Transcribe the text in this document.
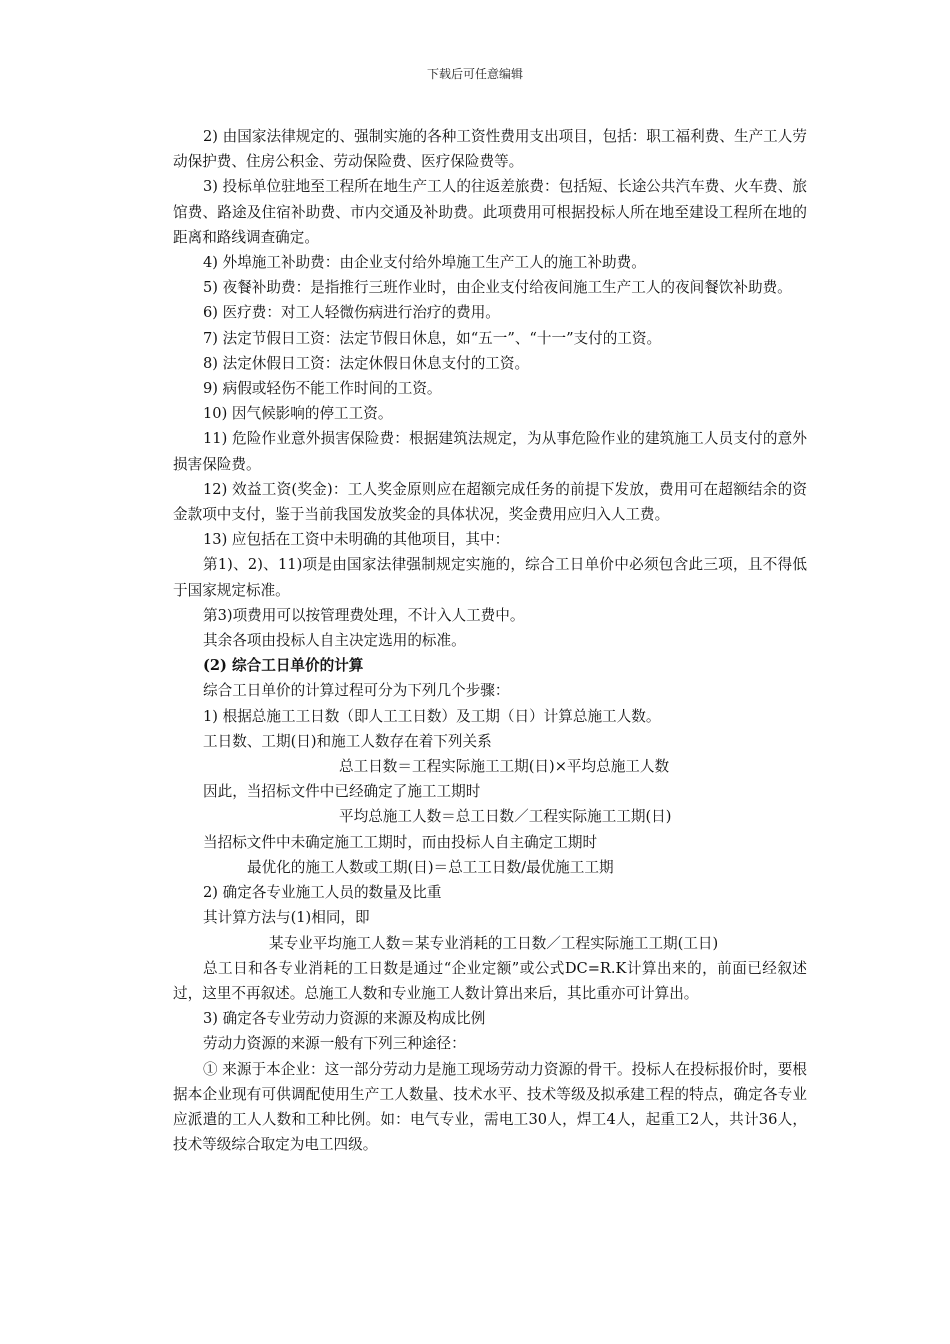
下载后可任意编辑

2) 由国家法律规定的、强制实施的各种工资性费用支出项目，包括：职工福利费、生产工人劳动保护费、住房公积金、劳动保险费、医疗保险费等。

3) 投标单位驻地至工程所在地生产工人的往返差旅费：包括短、长途公共汽车费、火车费、旅馆费、路途及住宿补助费、市内交通及补助费。此项费用可根据投标人所在地至建设工程所在地的距离和路线调查确定。

4) 外埠施工补助费：由企业支付给外埠施工生产工人的施工补助费。

5) 夜餐补助费：是指推行三班作业时，由企业支付给夜间施工生产工人的夜间餐饮补助费。

6) 医疗费：对工人轻微伤病进行治疗的费用。

7) 法定节假日工资：法定节假日休息，如“五一”、“十一”支付的工资。

8) 法定休假日工资：法定休假日休息支付的工资。

9) 病假或轻伤不能工作时间的工资。

10) 因气候影响的停工工资。

11) 危险作业意外损害保险费：根据建筑法规定，为从事危险作业的建筑施工人员支付的意外损害保险费。

12) 效益工资(奖金)：工人奖金原则应在超额完成任务的前提下发放，费用可在超额结余的资金款项中支付，鉴于当前我国发放奖金的具体状况，奖金费用应归入人工费。

13) 应包括在工资中未明确的其他项目，其中：

第1)、2)、11)项是由国家法律强制规定实施的，综合工日单价中必须包含此三项，且不得低于国家规定标准。

第3)项费用可以按管理费处理，不计入人工费中。

其余各项由投标人自主决定选用的标准。

(2) 综合工日单价的计算

综合工日单价的计算过程可分为下列几个步骤：

1) 根据总施工工日数（即人工工日数）及工期（日）计算总施工人数。

工日数、工期(日)和施工人数存在着下列关系

总工日数＝工程实际施工工期(日)×平均总施工人数

因此，当招标文件中已经确定了施工工期时

平均总施工人数＝总工日数／工程实际施工工期(日)

当招标文件中未确定施工工期时，而由投标人自主确定工期时

最优化的施工人数或工期(日)＝总工工日数/最优施工工期

2) 确定各专业施工人员的数量及比重

其计算方法与(1)相同，即

某专业平均施工人数＝某专业消耗的工日数／工程实际施工工期(工日)

总工日和各专业消耗的工日数是通过“企业定额”或公式DC=R.K计算出来的，前面已经叙述过，这里不再叙述。总施工人数和专业施工人数计算出来后，其比重亦可计算出。

3) 确定各专业劳动力资源的来源及构成比例

劳动力资源的来源一般有下列三种途径：

① 来源于本企业：这一部分劳动力是施工现场劳动力资源的骨干。投标人在投标报价时，要根据本企业现有可供调配使用生产工人数量、技术水平、技术等级及拟承建工程的特点，确定各专业应派遣的工人人数和工种比例。如：电气专业，需电工30人，焊工4人，起重工2人，共计36人，技术等级综合取定为电工四级。
